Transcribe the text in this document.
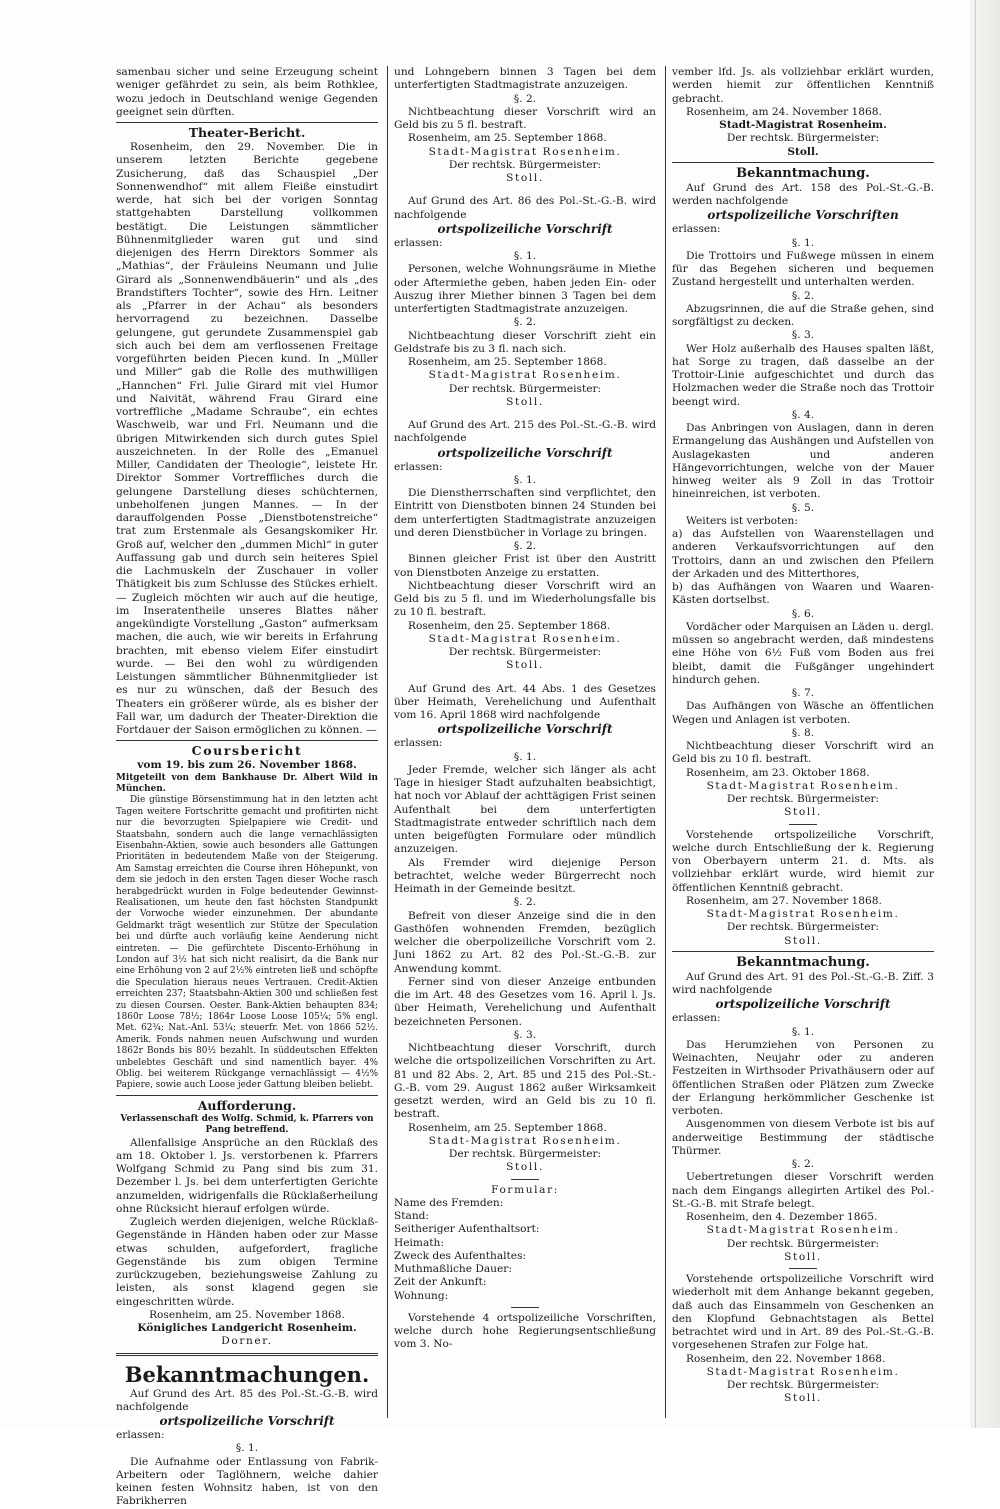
samenbau sicher und seine Erzeugung scheint weniger gefährdet zu sein, als beim Rothklee, wozu jedoch in Deutschland wenige Gegenden geeignet sein dürften.

Theater-Bericht.

Rosenheim, den 29. November. Die in unserem letzten Berichte gegebene Zusicherung, daß das Schauspiel „Der Sonnenwendhof“ mit allem Fleiße einstudirt werde, hat sich bei der vorigen Sonntag stattgehabten Darstellung vollkommen bestätigt. Die Leistungen sämmtlicher Bühnenmitglieder waren gut und sind diejenigen des Herrn Direktors Sommer als „Mathias“, der Fräuleins Neumann und Julie Girard als „Sonnenwendbäuerin“ und als „des Brandstifters Tochter“, sowie des Hrn. Leitner als „Pfarrer in der Achau“ als besonders hervorragend zu bezeichnen. Dasselbe gelungene, gut gerundete Zusammenspiel gab sich auch bei dem am verflossenen Freitage vorgeführten beiden Piecen kund. In „Müller und Miller“ gab die Rolle des muthwilligen „Hannchen“ Frl. Julie Girard mit viel Humor und Naivität, während Frau Girard eine vortreffliche „Madame Schraube“, ein echtes Waschweib, war und Frl. Neumann und die übrigen Mitwirkenden sich durch gutes Spiel auszeichneten. In der Rolle des „Emanuel Miller, Candidaten der Theologie“, leistete Hr. Direktor Sommer Vortreffliches durch die gelungene Darstellung dieses schüchternen, unbeholfenen jungen Mannes. — In der darauffolgenden Posse „Dienstbotenstreiche“ trat zum Erstenmale als Gesangskomiker Hr. Groß auf, welcher den „dummen Michl“ in guter Auffassung gab und durch sein heiteres Spiel die Lachmuskeln der Zuschauer in voller Thätigkeit bis zum Schlusse des Stückes erhielt. — Zugleich möchten wir auch auf die heutige, im Inseratentheile unseres Blattes näher angekündigte Vorstellung „Gaston“ aufmerksam machen, die auch, wie wir bereits in Erfahrung brachten, mit ebenso vielem Eifer einstudirt wurde. — Bei den wohl zu würdigenden Leistungen sämmtlicher Bühnenmitglieder ist es nur zu wünschen, daß der Besuch des Theaters ein größerer würde, als es bisher der Fall war, um dadurch der Theater-Direktion die Fortdauer der Saison ermöglichen zu können. —

Coursbericht

vom 19. bis zum 26. November 1868.

Mitgeteilt von dem Bankhause Dr. Albert Wild in München.

Die günstige Börsenstimmung hat in den letzten acht Tagen weitere Fortschritte gemacht und profitirten nicht nur die bevorzugten Spielpapiere wie Credit- und Staatsbahn, sondern auch die lange vernachlässigten Eisenbahn-Aktien, sowie auch besonders alle Gattungen Prioritäten in bedeutendem Maße von der Steigerung. Am Samstag erreichten die Course ihren Höhepunkt, von dem sie jedoch in den ersten Tagen dieser Woche rasch herabgedrückt wurden in Folge bedeutender Gewinnst-Realisationen, um heute den fast höchsten Standpunkt der Vorwoche wieder einzunehmen. Der abundante Geldmarkt trägt wesentlich zur Stütze der Speculation bei und dürfte auch vorläufig keine Aenderung nicht eintreten. — Die gefürchtete Discento-Erhöhung in London auf 3½ hat sich nicht realisirt, da die Bank nur eine Erhöhung von 2 auf 2½% eintreten ließ und schöpfte die Speculation hieraus neues Vertrauen. Credit-Aktien erreichten 237; Staatsbahn-Aktien 300 und schließen fest zu diesen Coursen. Oester. Bank-Aktien behaupten 834; 1860r Loose 78½; 1864r Loose Loose 105¼; 5% engl. Met. 62¾; Nat.-Anl. 53¼; steuerfr. Met. von 1866 52½. Amerik. Fonds nahmen neuen Aufschwung und wurden 1862r Bonds bis 80½ bezahlt. In süddeutschen Effekten unbelebtes Geschäft und sind namentlich bayer. 4% Oblig. bei weiterem Rückgange vernachlässigt — 4½% Papiere, sowie auch Loose jeder Gattung bleiben beliebt.

Aufforderung.

Verlassenschaft des Wolfg. Schmid, k. Pfarrers von Pang betreffend.

Allenfallsige Ansprüche an den Rücklaß des am 18. Oktober l. Js. verstorbenen k. Pfarrers Wolfgang Schmid zu Pang sind bis zum 31. Dezember l. Js. bei dem unterfertigten Gerichte anzumelden, widrigenfalls die Rücklaßerheilung ohne Rücksicht hierauf erfolgen würde.

Zugleich werden diejenigen, welche Rücklaß-Gegenstände in Händen haben oder zur Masse etwas schulden, aufgefordert, fragliche Gegenstände bis zum obigen Termine zurückzugeben, beziehungsweise Zahlung zu leisten, als sonst klagend gegen sie eingeschritten würde.

Rosenheim, am 25. November 1868.

Königliches Landgericht Rosenheim.

Dorner.

Bekanntmachungen.

Auf Grund des Art. 85 des Pol.-St.-G.-B. wird nachfolgende

ortspolizeiliche Vorschrift

erlassen:

§. 1.

Die Aufnahme oder Entlassung von Fabrik-Arbeitern oder Taglöhnern, welche dahier keinen festen Wohnsitz haben, ist von den Fabrikherren

und Lohngebern binnen 3 Tagen bei dem unterfertigten Stadtmagistrate anzuzeigen.

§. 2.

Nichtbeachtung dieser Vorschrift wird an Geld bis zu 5 fl. bestraft.

Rosenheim, am 25. September 1868.

Stadt-Magistrat Rosenheim.

Der rechtsk. Bürgermeister:

Stoll.

Auf Grund des Art. 86 des Pol.-St.-G.-B. wird nachfolgende

ortspolizeiliche Vorschrift

erlassen:

§. 1.

Personen, welche Wohnungsräume in Miethe oder Aftermiethe geben, haben jeden Ein- oder Auszug ihrer Miether binnen 3 Tagen bei dem unterfertigten Stadtmagistrate anzuzeigen.

§. 2.

Nichtbeachtung dieser Vorschrift zieht ein Geldstrafe bis zu 3 fl. nach sich.

Rosenheim, am 25. September 1868.

Stadt-Magistrat Rosenheim.

Der rechtsk. Bürgermeister:

Stoll.

Auf Grund des Art. 215 des Pol.-St.-G.-B. wird nachfolgende

ortspolizeiliche Vorschrift

erlassen:

§. 1.

Die Dienstherrschaften sind verpflichtet, den Eintritt von Dienstboten binnen 24 Stunden bei dem unterfertigten Stadtmagistrate anzuzeigen und deren Dienstbücher in Vorlage zu bringen.

§. 2.

Binnen gleicher Frist ist über den Austritt von Dienstboten Anzeige zu erstatten.

Nichtbeachtung dieser Vorschrift wird an Geld bis zu 5 fl. und im Wiederholungsfalle bis zu 10 fl. bestraft.

Rosenheim, den 25. September 1868.

Stadt-Magistrat Rosenheim.

Der rechtsk. Bürgermeister:

Stoll.

Auf Grund des Art. 44 Abs. 1 des Gesetzes über Heimath, Verehelichung und Aufenthalt vom 16. April 1868 wird nachfolgende

ortspolizeiliche Vorschrift

erlassen:

§. 1.

Jeder Fremde, welcher sich länger als acht Tage in hiesiger Stadt aufzuhalten beabsichtigt, hat noch vor Ablauf der achttägigen Frist seinen Aufenthalt bei dem unterfertigten Stadtmagistrate entweder schriftlich nach dem unten beigefügten Formulare oder mündlich anzuzeigen.

Als Fremder wird diejenige Person betrachtet, welche weder Bürgerrecht noch Heimath in der Gemeinde besitzt.

§. 2.

Befreit von dieser Anzeige sind die in den Gasthöfen wohnenden Fremden, bezüglich welcher die oberpolizeiliche Vorschrift vom 2. Juni 1862 zu Art. 82 des Pol.-St.-G.-B. zur Anwendung kommt.

Ferner sind von dieser Anzeige entbunden die im Art. 48 des Gesetzes vom 16. April l. Js. über Heimath, Verehelichung und Aufenthalt bezeichneten Personen.

§. 3.

Nichtbeachtung dieser Vorschrift, durch welche die ortspolizeilichen Vorschriften zu Art. 81 und 82 Abs. 2, Art. 85 und 215 des Pol.-St.-G.-B. vom 29. August 1862 außer Wirksamkeit gesetzt werden, wird an Geld bis zu 10 fl. bestraft.

Rosenheim, am 25. September 1868.

Stadt-Magistrat Rosenheim.

Der rechtsk. Bürgermeister:

Stoll.

Formular:

Name des Fremden:

Stand:

Seitheriger Aufenthaltsort:

Heimath:

Zweck des Aufenthaltes:

Muthmaßliche Dauer:

Zeit der Ankunft:

Wohnung:

Vorstehende 4 ortspolizeiliche Vorschriften, welche durch hohe Regierungsentschließung vom 3. No-

vember lfd. Js. als vollziehbar erklärt wurden, werden hiemit zur öffentlichen Kenntniß gebracht.

Rosenheim, am 24. November 1868.

Stadt-Magistrat Rosenheim.

Der rechtsk. Bürgermeister:

Stoll.

Bekanntmachung.

Auf Grund des Art. 158 des Pol.-St.-G.-B. werden nachfolgende

ortspolizeiliche Vorschriften

erlassen:

§. 1.

Die Trottoirs und Fußwege müssen in einem für das Begehen sicheren und bequemen Zustand hergestellt und unterhalten werden.

§. 2.

Abzugsrinnen, die auf die Straße gehen, sind sorgfältigst zu decken.

§. 3.

Wer Holz außerhalb des Hauses spalten läßt, hat Sorge zu tragen, daß dasselbe an der Trottoir-Linie aufgeschichtet und durch das Holzmachen weder die Straße noch das Trottoir beengt wird.

§. 4.

Das Anbringen von Auslagen, dann in deren Ermangelung das Aushängen und Aufstellen von Auslagekasten und anderen Hängevorrichtungen, welche von der Mauer hinweg weiter als 9 Zoll in das Trottoir hineinreichen, ist verboten.

§. 5.

Weiters ist verboten:

a) das Aufstellen von Waarenstellagen und anderen Verkaufsvorrichtungen auf den Trottoirs, dann an und zwischen den Pfeilern der Arkaden und des Mitterthores,

b) das Aufhängen von Waaren und Waaren-Kästen dortselbst.

§. 6.

Vordächer oder Marquisen an Läden u. dergl. müssen so angebracht werden, daß mindestens eine Höhe von 6½ Fuß vom Boden aus frei bleibt, damit die Fußgänger ungehindert hindurch gehen.

§. 7.

Das Aufhängen von Wäsche an öffentlichen Wegen und Anlagen ist verboten.

§. 8.

Nichtbeachtung dieser Vorschrift wird an Geld bis zu 10 fl. bestraft.

Rosenheim, am 23. Oktober 1868.

Stadt-Magistrat Rosenheim.

Der rechtsk. Bürgermeister:

Stoll.

Vorstehende ortspolizeiliche Vorschrift, welche durch Entschließung der k. Regierung von Oberbayern unterm 21. d. Mts. als vollziehbar erklärt wurde, wird hiemit zur öffentlichen Kenntniß gebracht.

Rosenheim, am 27. November 1868.

Stadt-Magistrat Rosenheim.

Der rechtsk. Bürgermeister:

Stoll.

Bekanntmachung.

Auf Grund des Art. 91 des Pol.-St.-G.-B. Ziff. 3 wird nachfolgende

ortspolizeiliche Vorschrift

erlassen:

§. 1.

Das Herumziehen von Personen zu Weinachten, Neujahr oder zu anderen Festzeiten in Wirthsoder Privathäusern oder auf öffentlichen Straßen oder Plätzen zum Zwecke der Erlangung herkömmlicher Geschenke ist verboten.

Ausgenommen von diesem Verbote ist bis auf anderweitige Bestimmung der städtische Thürmer.

§. 2.

Uebertretungen dieser Vorschrift werden nach dem Eingangs allegirten Artikel des Pol.-St.-G.-B. mit Strafe belegt.

Rosenheim, den 4. Dezember 1865.

Stadt-Magistrat Rosenheim.

Der rechtsk. Bürgermeister:

Stoll.

Vorstehende ortspolizeiliche Vorschrift wird wiederholt mit dem Anhange bekannt gegeben, daß auch das Einsammeln von Geschenken an den Klopfund Gebnachtstagen als Bettel betrachtet wird und in Art. 89 des Pol.-St.-G.-B. vorgesehenen Strafen zur Folge hat.

Rosenheim, den 22. November 1868.

Stadt-Magistrat Rosenheim.

Der rechtsk. Bürgermeister:

Stoll.
